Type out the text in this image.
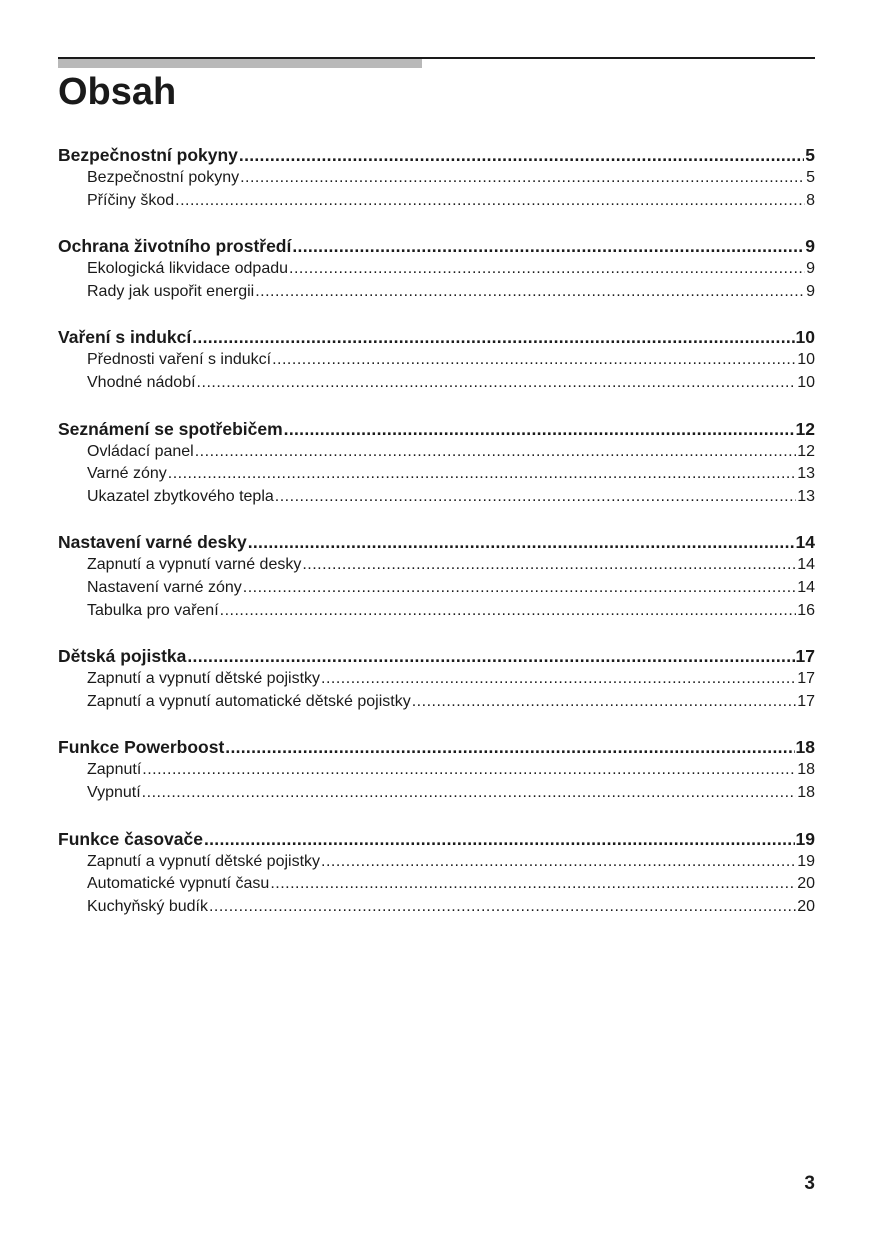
Obsah
Bezpečnostní pokyny .....	5
Bezpečnostní pokyny .....	5
Příčiny škod .....	8
Ochrana životního prostředí .....	9
Ekologická likvidace odpadu .....	9
Rady jak uspořit energii .....	9
Vaření s indukcí .....	10
Přednosti vaření s indukcí .....	10
Vhodné nádobí .....	10
Seznámení se spotřebičem .....	12
Ovládací panel .....	12
Varné zóny .....	13
Ukazatel zbytkového tepla .....	13
Nastavení varné desky .....	14
Zapnutí a vypnutí varné desky .....	14
Nastavení varné zóny .....	14
Tabulka pro vaření .....	16
Dětská pojistka .....	17
Zapnutí a vypnutí dětské pojistky .....	17
Zapnutí a vypnutí automatické dětské pojistky .....	17
Funkce Powerboost .....	18
Zapnutí .....	18
Vypnutí .....	18
Funkce časovače .....	19
Zapnutí a vypnutí dětské pojistky .....	19
Automatické vypnutí času .....	20
Kuchyňský budík .....	20
3
